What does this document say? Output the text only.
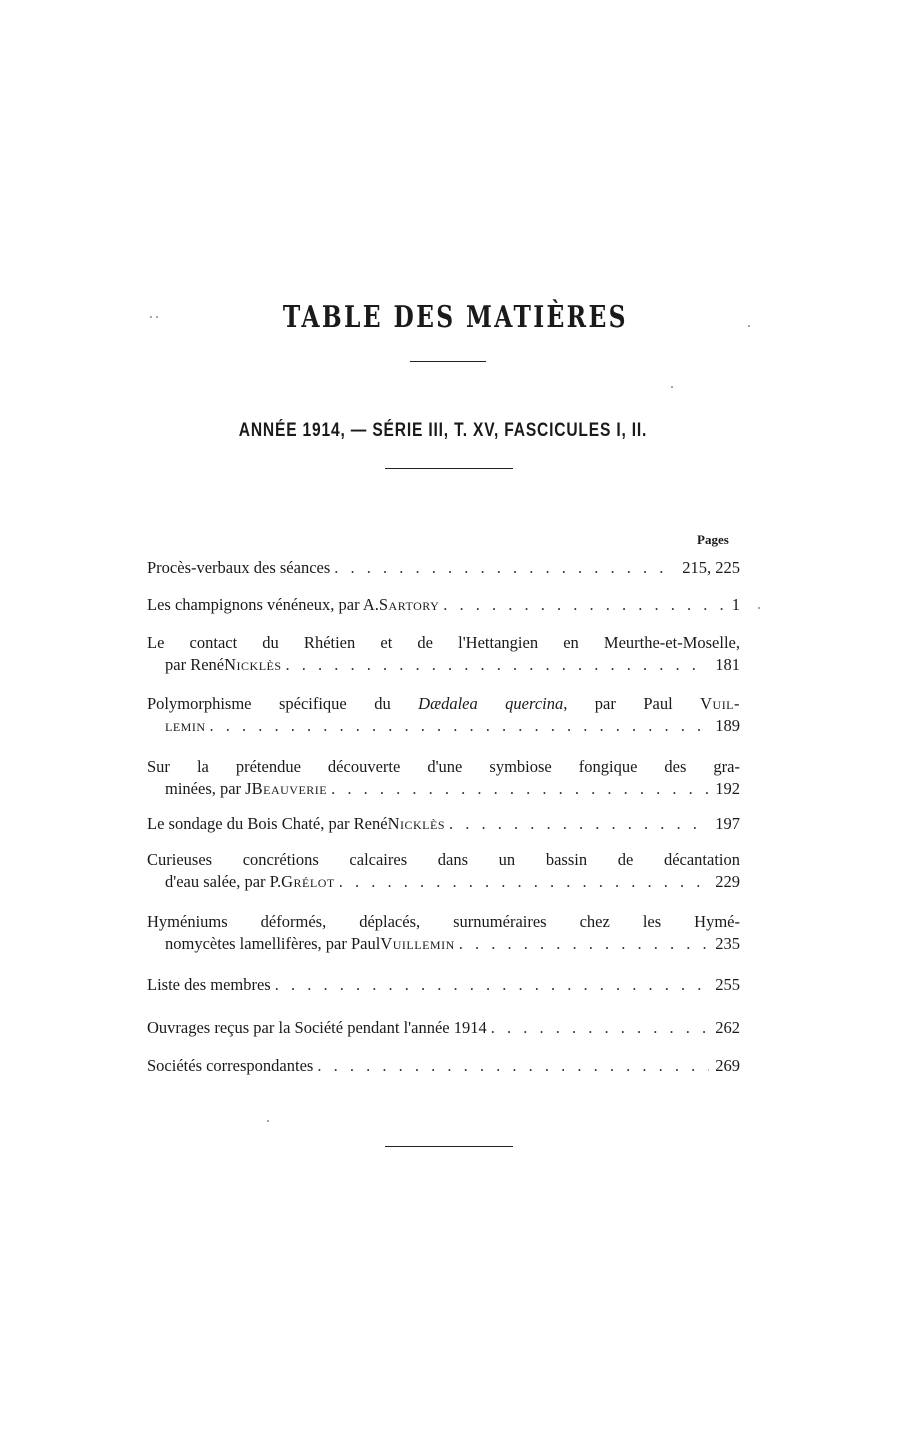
TABLE DES MATIÈRES
ANNÉE 1914, — SÉRIE III, T. XV, FASCICULES I, II.
Pages
Procès-verbaux des séances . . .	215, 225
Les champignons vénéneux, par A. Sartory . . .	1
Le contact du Rhétien et de l'Hettangien en Meurthe-et-Moselle,
par René Nicklès . . .	181
Polymorphisme spécifique du Dædalea quercina, par Paul Vuil-
lemin . . .	189
Sur la prétendue découverte d'une symbiose fongique des gra-
minées, par J Beauverie . . .	192
Le sondage du Bois Chaté, par René Nicklès . . .	197
Curieuses concrétions calcaires dans un bassin de décantation
d'eau salée, par P. Grélot . . .	229
Hyméniums déformés, déplacés, surnuméraires chez les Hymé-
nomycètes lamellifères, par Paul Vuillemin . . .	235
Liste des membres . . .	255
Ouvrages reçus par la Société pendant l'année 1914 . . .	262
Sociétés correspondantes . . .	269
